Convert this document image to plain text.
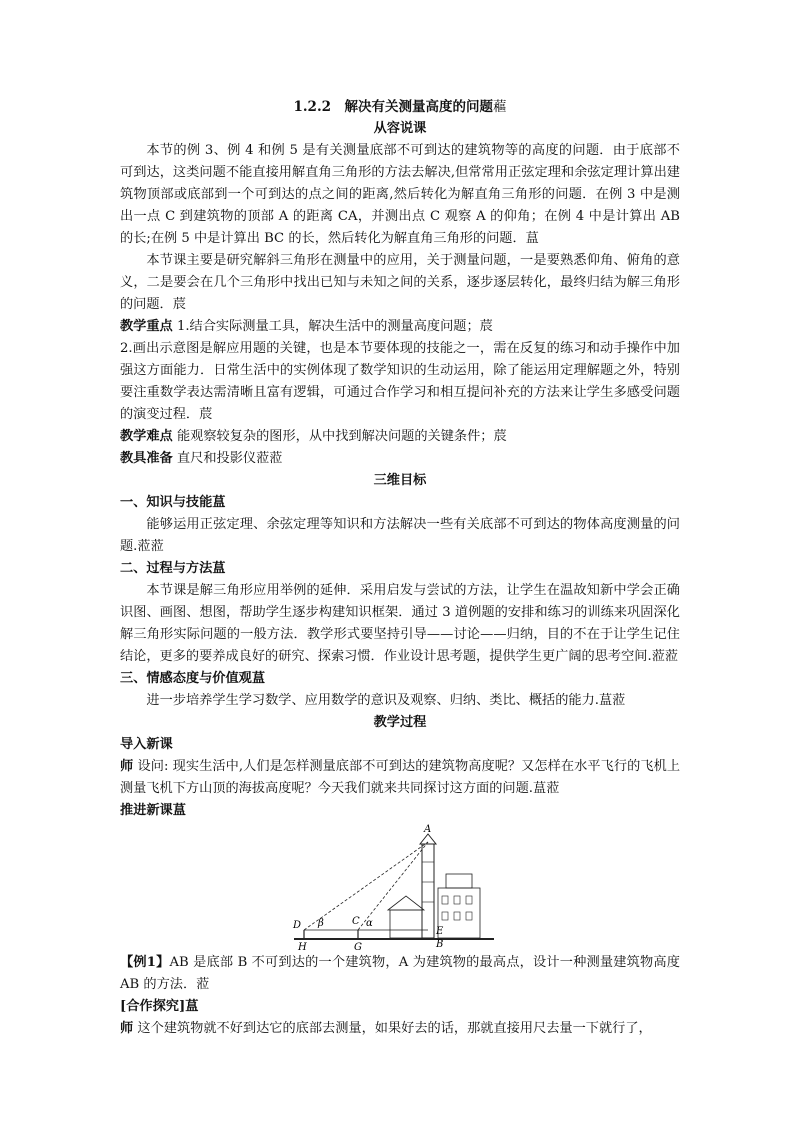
1.2.2　解决有关测量高度的问题藲
从容说课

本节的例 3、例 4 和例 5 是有关测量底部不可到达的建筑物等的高度的问题．由于底部不可到达，这类问题不能直接用解直角三角形的方法去解决,但常常用正弦定理和余弦定理计算出建筑物顶部或底部到一个可到达的点之间的距离,然后转化为解直角三角形的问题．在例 3 中是测出一点 C 到建筑物的顶部 A 的距离 CA，并测出点 C 观察 A 的仰角；在例 4 中是计算出 AB 的长;在例 5 中是计算出 BC 的长，然后转化为解直角三角形的问题．蒀

本节课主要是研究解斜三角形在测量中的应用，关于测量问题，一是要熟悉仰角、俯角的意义，二是要会在几个三角形中找出已知与未知之间的关系，逐步逐层转化，最终归结为解三角形的问题．莀

教学重点 1.结合实际测量工具，解决生活中的测量高度问题；莀

2.画出示意图是解应用题的关键，也是本节要体现的技能之一，需在反复的练习和动手操作中加强这方面能力．日常生活中的实例体现了数学知识的生动运用，除了能运用定理解题之外，特别要注重数学表达需清晰且富有逻辑，可通过合作学习和相互提问补充的方法来让学生多感受问题的演变过程．莀

教学难点 能观察较复杂的图形，从中找到解决问题的关键条件；莀

教具准备 直尺和投影仪蒞蒞

三维目标

一、知识与技能蒀

能够运用正弦定理、余弦定理等知识和方法解决一些有关底部不可到达的物体高度测量的问题.蒞蒞

二、过程与方法蒀

本节课是解三角形应用举例的延伸．采用启发与尝试的方法，让学生在温故知新中学会正确识图、画图、想图，帮助学生逐步构建知识框架．通过 3 道例题的安排和练习的训练来巩固深化解三角形实际问题的一般方法．教学形式要坚持引导——讨论——归纳，目的不在于让学生记住结论，更多的要养成良好的研究、探索习惯．作业设计思考题，提供学生更广阔的思考空间.蒞蒞

三、情感态度与价值观蒀

进一步培养学生学习数学、应用数学的意识及观察、归纳、类比、概括的能力.蒀蒞

教学过程

导入新课

师 设问: 现实生活中,人们是怎样测量底部不可到达的建筑物高度呢？又怎样在水平飞行的飞机上测量飞机下方山顶的海拔高度呢？今天我们就来共同探讨这方面的问题.蒀蒞

推进新课蒀

A
D	C α
β
H	G
E
B

【例1】AB 是底部 B 不可到达的一个建筑物，A 为建筑物的最高点，设计一种测量建筑物高度 AB 的方法．蒞

[合作探究]蒀

师 这个建筑物就不好到达它的底部去测量，如果好去的话，那就直接用尺去量一下就行了，
